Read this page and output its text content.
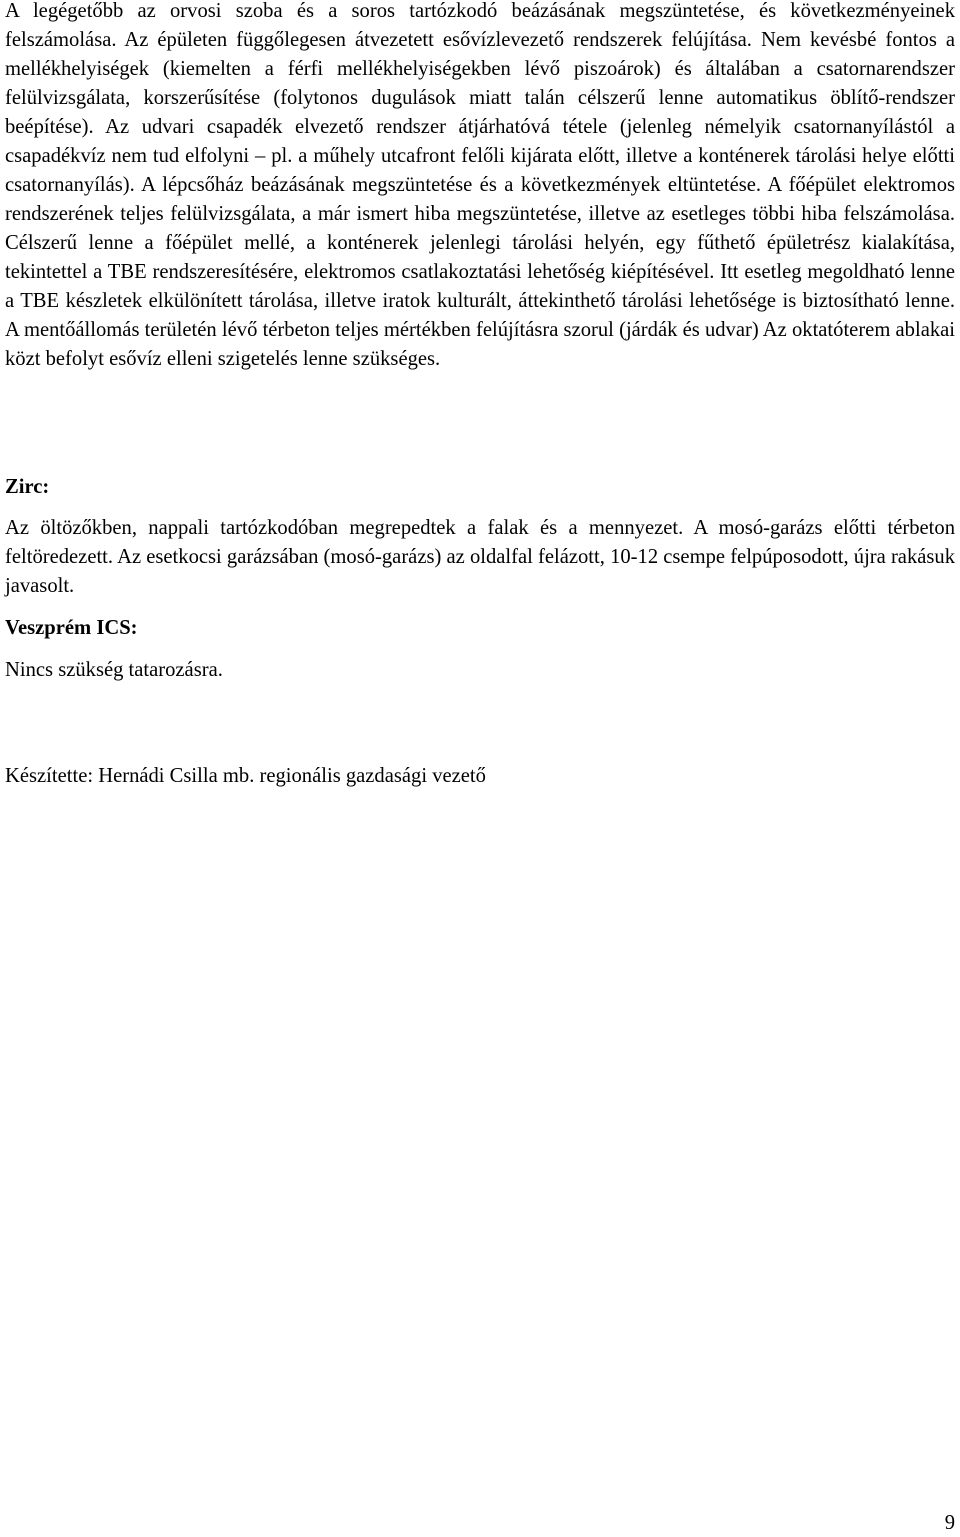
A legégetőbb az orvosi szoba és a soros tartózkodó beázásának megszüntetése, és következményeinek felszámolása. Az épületen függőlegesen átvezetett esővízlevezető rendszerek felújítása. Nem kevésbé fontos a mellékhelyiségek (kiemelten a férfi mellékhelyiségekben lévő piszoárok) és általában a csatornarendszer felülvizsgálata, korszerűsítése (folytonos dugulások miatt talán célszerű lenne automatikus öblítő-rendszer beépítése). Az udvari csapadék elvezető rendszer átjárhatóvá tétele (jelenleg némelyik csatornanyílástól a csapadékvíz nem tud elfolyni – pl. a műhely utcafront felőli kijárata előtt, illetve a konténerek tárolási helye előtti csatornanyílás). A lépcsőház beázásának megszüntetése és a következmények eltüntetése. A főépület elektromos rendszerének teljes felülvizsgálata, a már ismert hiba megszüntetése, illetve az esetleges többi hiba felszámolása. Célszerű lenne a főépület mellé, a konténerek jelenlegi tárolási helyén, egy fűthető épületrész kialakítása, tekintettel a TBE rendszeresítésére, elektromos csatlakoztatási lehetőség kiépítésével. Itt esetleg megoldható lenne a TBE készletek elkülönített tárolása, illetve iratok kulturált, áttekinthető tárolási lehetősége is biztosítható lenne. A mentőállomás területén lévő térbeton teljes mértékben felújításra szorul (járdák és udvar) Az oktatóterem ablakai közt befolyt esővíz elleni szigetelés lenne szükséges.

Zirc:

Az öltözőkben, nappali tartózkodóban megrepedtek a falak és a mennyezet. A mosó-garázs előtti térbeton feltöredezett. Az esetkocsi garázsában (mosó-garázs) az oldalfal felázott, 10-12 csempe felpúposodott, újra rakásuk javasolt.

Veszprém ICS:

Nincs szükség tatarozásra.

Készítette: Hernádi Csilla mb. regionális gazdasági vezető

9
